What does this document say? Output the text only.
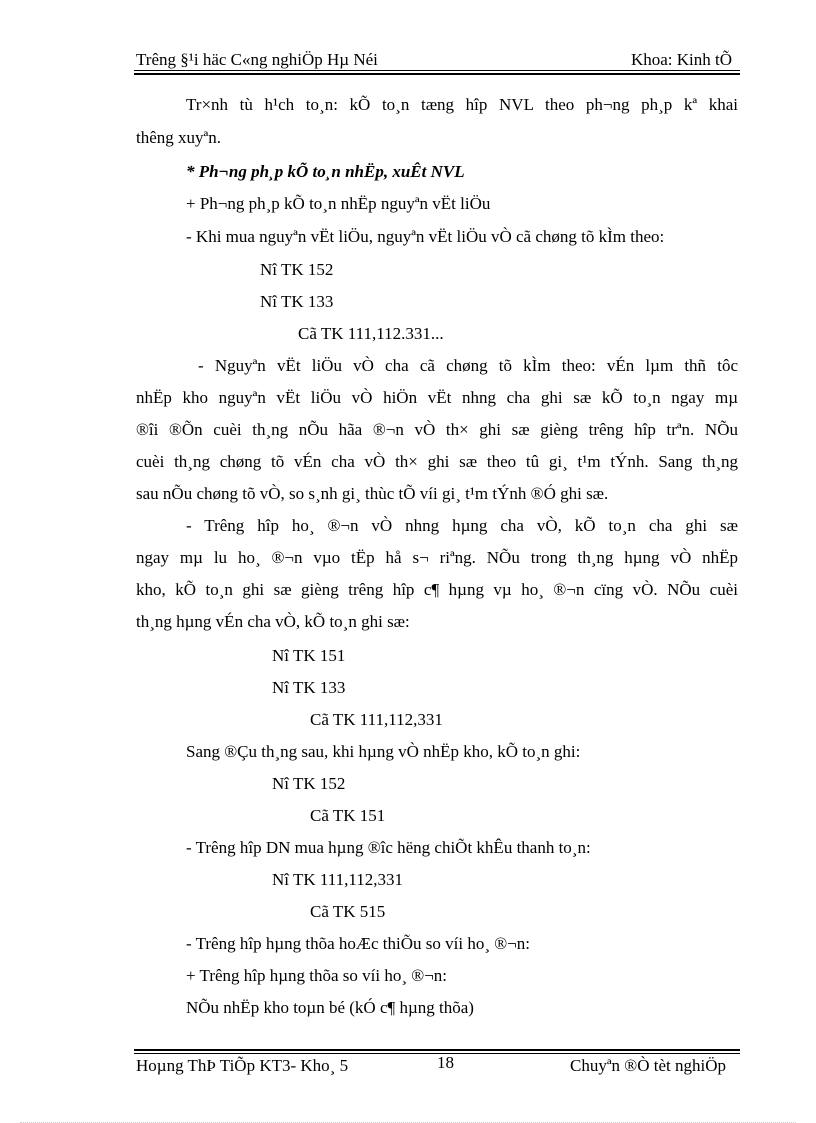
Trêng §¹i häc C«ng nghiÖp Hµ Néi	Khoa: Kinh tÕ
Tr×nh tù h¹ch to¸n: kÕ to¸n tæng hîp NVL theo ph¬ng ph¸p kª khai
thêng xuyªn.
* Ph¬ng ph¸p kÕ to¸n nhËp, xuÊt NVL
+ Ph¬ng ph¸p kÕ to¸n nhËp nguyªn vËt liÖu
- Khi mua nguyªn vËt liÖu, nguyªn vËt liÖu vÒ cã chøng tõ kÌm theo:
Nî TK 152
Nî TK 133
Cã TK 111,112.331...
- Nguyªn vËt liÖu vÒ cha cã chøng tõ kÌm theo: vÉn lµm thñ tôc
nhËp kho nguyªn vËt liÖu vÒ hiÖn vËt nhng cha ghi sæ kÕ to¸n ngay mµ
®îi ®Õn cuèi th¸ng nÕu hãa ®¬n vÒ th× ghi sæ gièng trêng hîp trªn. NÕu
cuèi th¸ng chøng tõ vÉn cha vÒ th× ghi sæ theo tû gi¸ t¹m tÝnh. Sang th¸ng
sau nÕu chøng tõ vÒ, so s¸nh gi¸ thùc tÕ víi gi¸ t¹m tÝnh ®Ó ghi sæ.
- Trêng hîp ho¸ ®¬n vÒ nhng hµng cha vÒ, kÕ to¸n cha ghi sæ
ngay mµ lu ho¸ ®¬n vµo tËp hå s¬ riªng. NÕu trong th¸ng hµng vÒ nhËp
kho, kÕ to¸n ghi sæ gièng trêng hîp c¶ hµng vµ ho¸ ®¬n cïng vÒ. NÕu cuèi
th¸ng hµng vÉn cha vÒ, kÕ to¸n ghi sæ:
Nî TK 151
Nî TK 133
Cã TK 111,112,331
Sang ®Çu th¸ng sau, khi hµng vÒ nhËp kho, kÕ to¸n ghi:
Nî TK 152
Cã TK 151
- Trêng hîp DN mua hµng ®îc hëng chiÕt khÊu thanh to¸n:
Nî TK 111,112,331
Cã TK 515
- Trêng hîp hµng thõa hoÆc thiÕu so víi ho¸ ®¬n:
+ Trêng hîp hµng thõa so víi ho¸ ®¬n:
NÕu nhËp kho toµn bé (kÓ c¶ hµng thõa)
Hoµng ThÞ TiÕp KT3- Kho¸ 5	18	Chuyªn ®Ò tèt nghiÖp
